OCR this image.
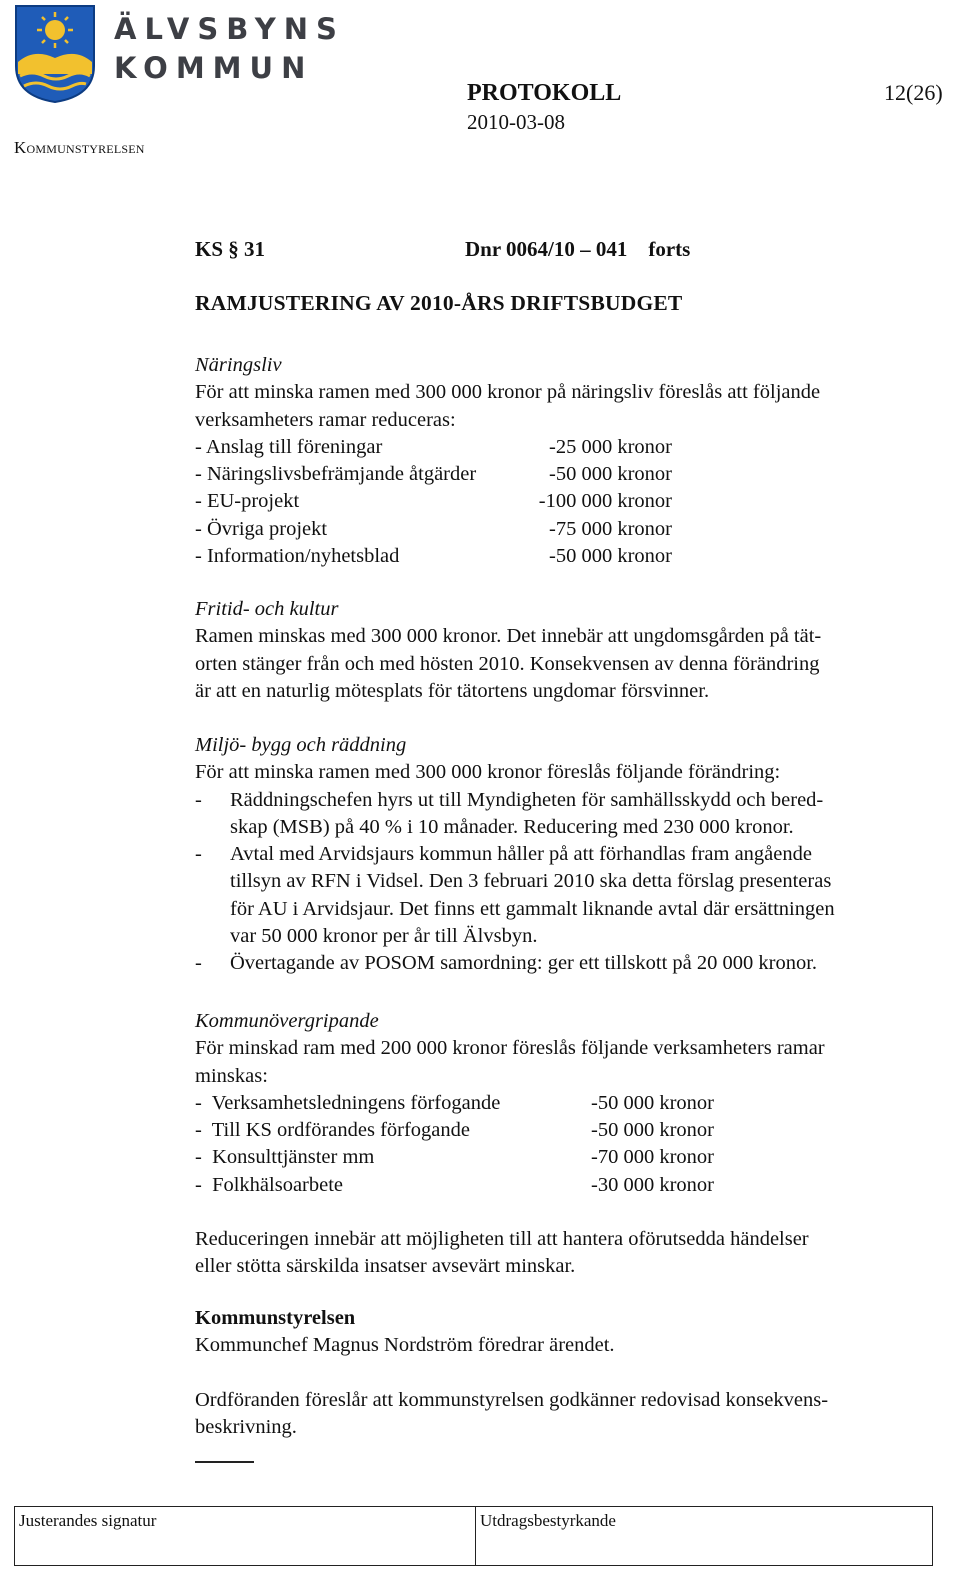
ÄLVSBYNS
KOMMUN
Kommunstyrelsen
PROTOKOLL
2010-03-08
12(26)
KS § 31	Dnr 0064/10 – 041    forts
RAMJUSTERING AV 2010-ÅRS DRIFTSBUDGET

Näringsliv

För att minska ramen med 300 000 kronor på näringsliv föreslås att följande

verksamheters ramar reduceras:

- Anslag till föreningar	-25 000 kronor
- Näringslivsbefrämjande åtgärder	-50 000 kronor
- EU-projekt	-100 000 kronor
- Övriga projekt	-75 000 kronor
- Information/nyhetsblad	-50 000 kronor

Fritid- och kultur

Ramen minskas med 300 000 kronor. Det innebär att ungdomsgården på tät-

orten stänger från och med hösten 2010. Konsekvensen av denna förändring

är att en naturlig mötesplats för tätortens ungdomar försvinner.

Miljö- bygg och räddning

För att minska ramen med 300 000 kronor föreslås följande förändring:

- Räddningschefen hyrs ut till Myndigheten för samhällsskydd och bered-

skap (MSB) på 40 % i 10 månader. Reducering med 230 000 kronor.

- Avtal med Arvidsjaurs kommun håller på att förhandlas fram angående

tillsyn av RFN i Vidsel. Den 3 februari 2010 ska detta förslag presenteras

för AU i Arvidsjaur. Det finns ett gammalt liknande avtal där ersättningen

var 50 000 kronor per år till Älvsbyn.

- Övertagande av POSOM samordning: ger ett tillskott på 20 000 kronor.

Kommunövergripande

För minskad ram med 200 000 kronor föreslås följande verksamheters ramar

minskas:

-  Verksamhetsledningens förfogande	-50 000 kronor
-  Till KS ordförandes förfogande	-50 000 kronor
-  Konsulttjänster mm	-70 000 kronor
-  Folkhälsoarbete	-30 000 kronor

Reduceringen innebär att möjligheten till att hantera oförutsedda händelser

eller stötta särskilda insatser avsevärt minskar.

Kommunstyrelsen

Kommunchef Magnus Nordström föredrar ärendet.

Ordföranden föreslår att kommunstyrelsen godkänner redovisad konsekvens-

beskrivning.

Justerandes signatur	Utdragsbestyrkande
